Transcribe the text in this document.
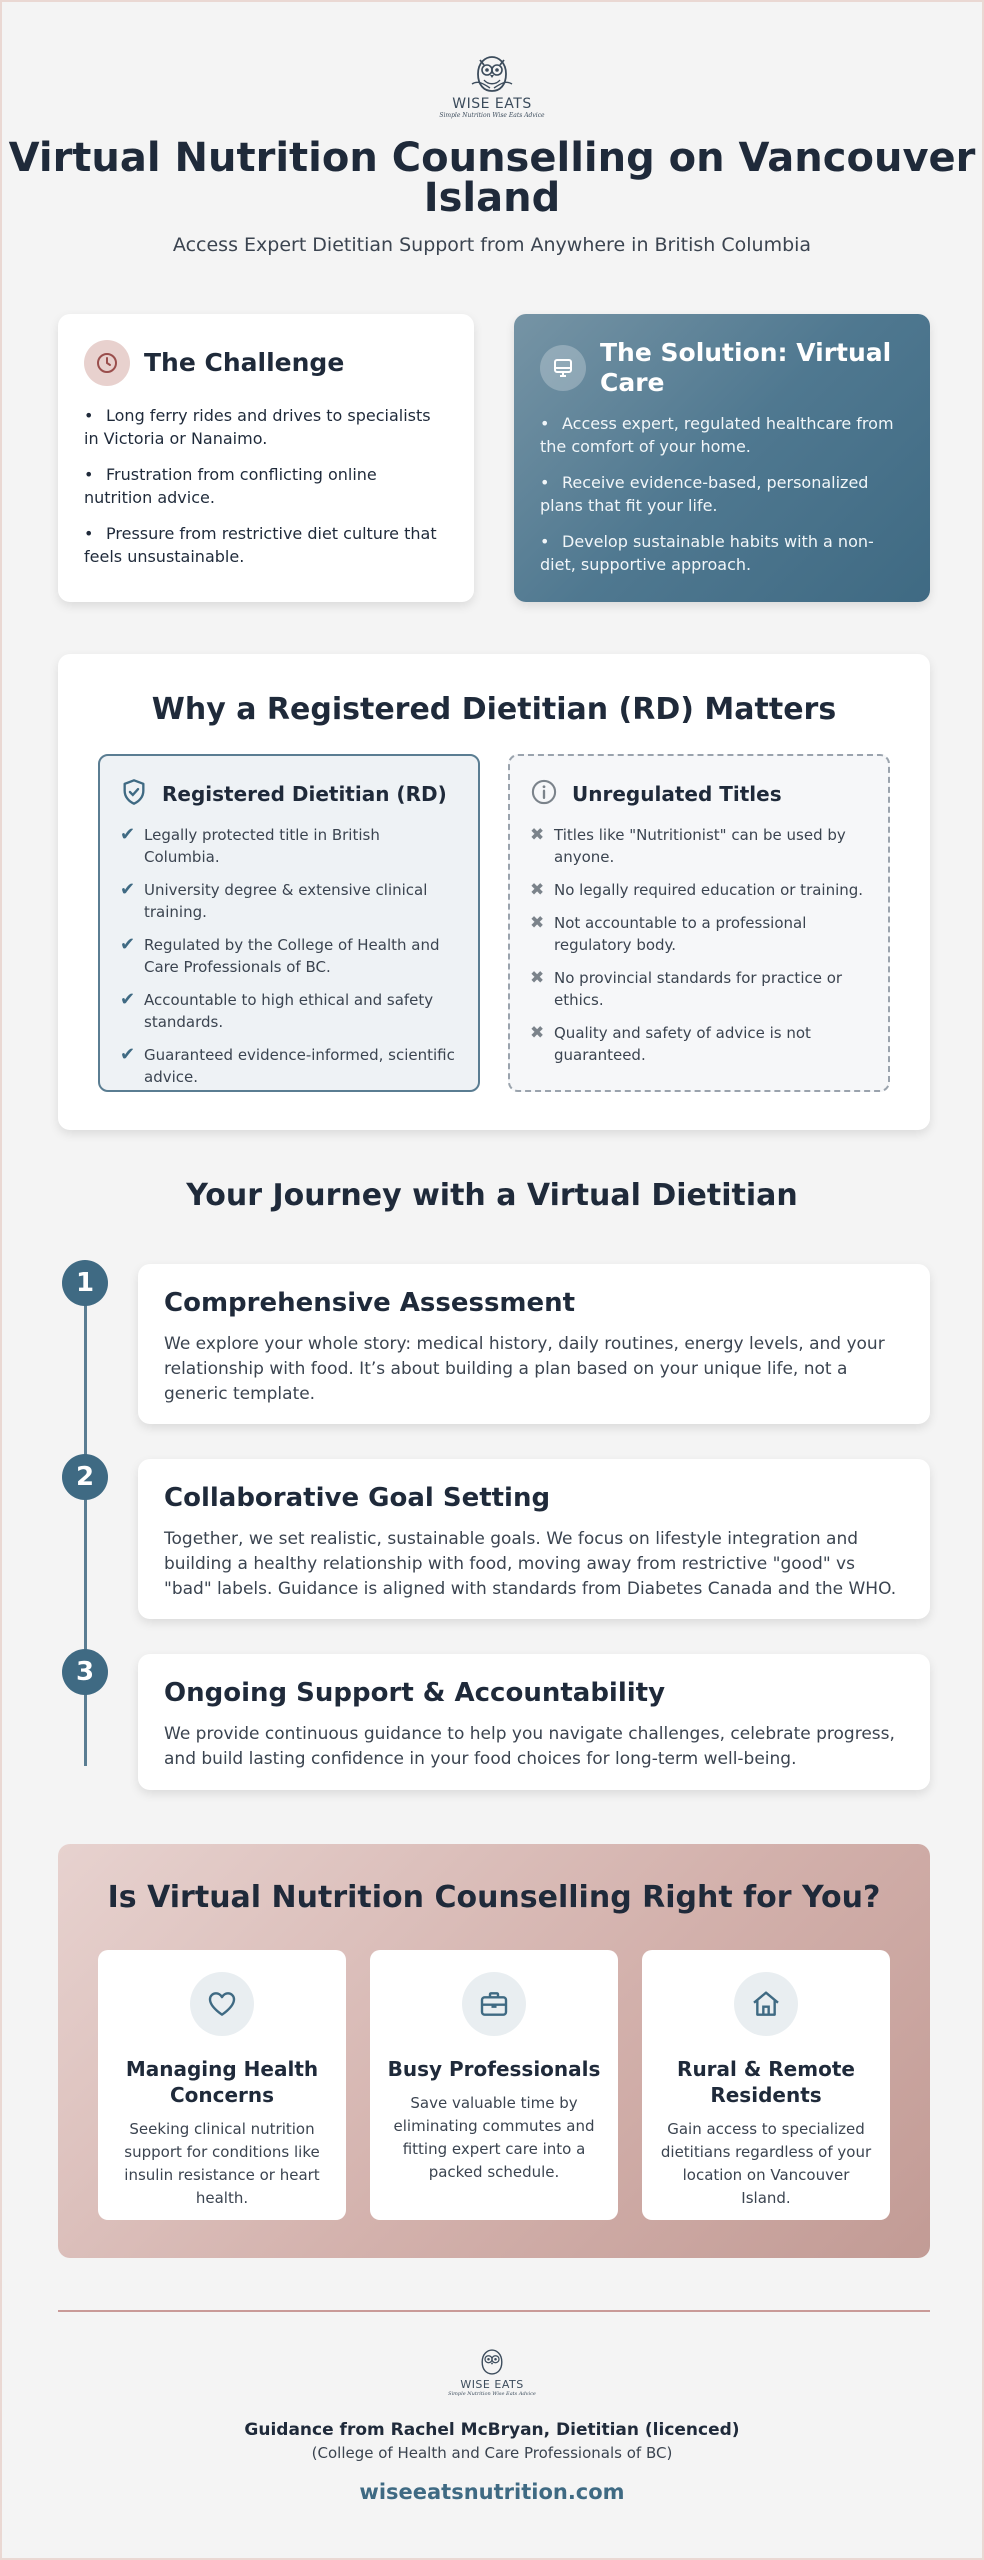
WISE EATS
Simple Nutrition Wise Eats Advice
Virtual Nutrition Counselling on Vancouver Island
Access Expert Dietitian Support from Anywhere in British Columbia
The Challenge
• Long ferry rides and drives to specialists in Victoria or Nanaimo.
• Frustration from conflicting online nutrition advice.
• Pressure from restrictive diet culture that feels unsustainable.
The Solution: Virtual Care
• Access expert, regulated healthcare from the comfort of your home.
• Receive evidence-based, personalized plans that fit your life.
• Develop sustainable habits with a non-diet, supportive approach.
Why a Registered Dietitian (RD) Matters
Registered Dietitian (RD)
✔ Legally protected title in British Columbia.
✔ University degree & extensive clinical training.
✔ Regulated by the College of Health and Care Professionals of BC.
✔ Accountable to high ethical and safety standards.
✔ Guaranteed evidence-informed, scientific advice.
Unregulated Titles
✖ Titles like "Nutritionist" can be used by anyone.
✖ No legally required education or training.
✖ Not accountable to a professional regulatory body.
✖ No provincial standards for practice or ethics.
✖ Quality and safety of advice is not guaranteed.
Your Journey with a Virtual Dietitian
1
Comprehensive Assessment
We explore your whole story: medical history, daily routines, energy levels, and your relationship with food. It’s about building a plan based on your unique life, not a generic template.
2
Collaborative Goal Setting
Together, we set realistic, sustainable goals. We focus on lifestyle integration and building a healthy relationship with food, moving away from restrictive "good" vs "bad" labels. Guidance is aligned with standards from Diabetes Canada and the WHO.
3
Ongoing Support & Accountability
We provide continuous guidance to help you navigate challenges, celebrate progress, and build lasting confidence in your food choices for long-term well-being.
Is Virtual Nutrition Counselling Right for You?
Managing Health Concerns
Seeking clinical nutrition support for conditions like insulin resistance or heart health.
Busy Professionals
Save valuable time by eliminating commutes and fitting expert care into a packed schedule.
Rural & Remote Residents
Gain access to specialized dietitians regardless of your location on Vancouver Island.
WISE EATS
Simple Nutrition Wise Eats Advice
Guidance from Rachel McBryan, Dietitian (licenced)
(College of Health and Care Professionals of BC)
wiseeatsnutrition.com
